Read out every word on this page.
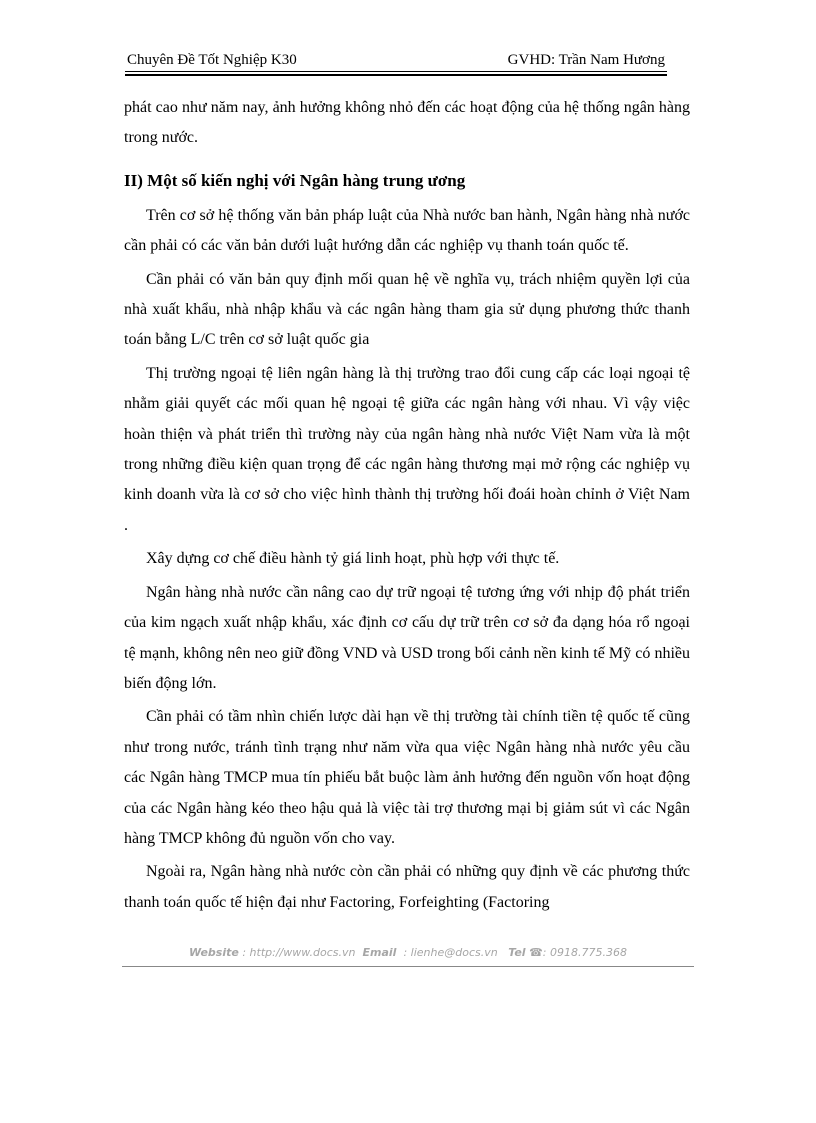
Chuyên Đề Tốt Nghiệp K30	GVHD: Trần Nam Hương

phát cao như năm nay, ảnh hưởng không nhỏ đến các hoạt động của hệ thống ngân hàng trong nước.

II) Một số kiến nghị với Ngân hàng trung ương

Trên cơ sở hệ thống văn bản pháp luật của Nhà nước ban hành, Ngân hàng nhà nước cần phải có các văn bản dưới luật hướng dẫn các nghiệp vụ thanh toán quốc tế.

Cần phải có văn bản quy định mối quan hệ về nghĩa vụ, trách nhiệm quyền lợi của nhà xuất khẩu, nhà nhập khẩu và các ngân hàng tham gia sử dụng phương thức thanh toán bằng L/C trên cơ sở luật quốc gia

Thị trường ngoại tệ liên ngân hàng là thị trường trao đổi cung cấp các loại ngoại tệ nhằm giải quyết các mối quan hệ ngoại tệ giữa các ngân hàng với nhau. Vì vậy việc hoàn thiện và phát triển thì trường này của ngân hàng nhà nước Việt Nam vừa là một trong những điều kiện quan trọng để các ngân hàng thương mại mở rộng các nghiệp vụ kinh doanh vừa là cơ sở cho việc hình thành thị trường hối đoái hoàn chỉnh ở Việt Nam .

Xây dựng cơ chế điều hành tỷ giá linh hoạt, phù hợp với thực tế.

Ngân hàng nhà nước cần nâng cao dự trữ ngoại tệ tương ứng với nhịp độ phát triển của kim ngạch xuất nhập khẩu, xác định cơ cấu dự trữ trên cơ sở đa dạng hóa rổ ngoại tệ mạnh, không nên neo giữ đồng VND và USD trong bối cảnh nền kinh tế Mỹ có nhiều biến động lớn.

Cần phải có tầm nhìn chiến lược dài hạn về thị trường tài chính tiền tệ quốc tế cũng như trong nước, tránh tình trạng như năm vừa qua việc Ngân hàng nhà nước yêu cầu các Ngân hàng TMCP mua tín phiếu bắt buộc làm ảnh hưởng đến nguồn vốn hoạt động của các Ngân hàng kéo theo hậu quả là việc tài trợ thương mại bị giảm sút vì các Ngân hàng TMCP không đủ nguồn vốn cho vay.

Ngoài ra, Ngân hàng nhà nước còn cần phải có những quy định về các phương thức thanh toán quốc tế hiện đại như Factoring, Forfeighting (Factoring

Website : http://www.docs.vn Email : lienhe@docs.vn Tel ☎: 0918.775.368
